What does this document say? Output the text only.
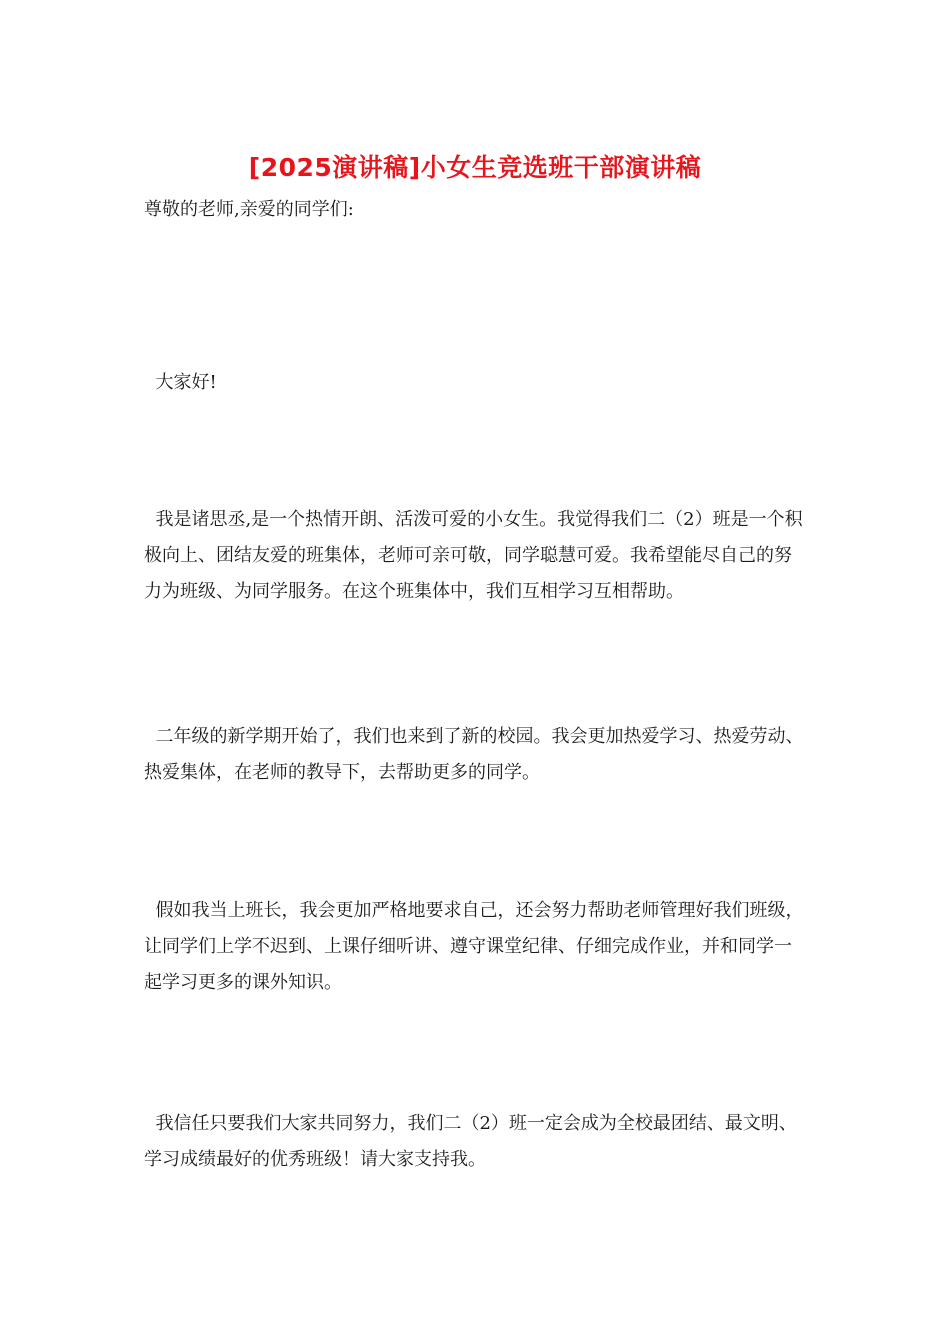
[2025演讲稿]小女生竞选班干部演讲稿

尊敬的老师,亲爱的同学们:

大家好!

我是诸思丞,是一个热情开朗、活泼可爱的小女生。我觉得我们二（2）班是一个积极向上、团结友爱的班集体，老师可亲可敬，同学聪慧可爱。我希望能尽自己的努力为班级、为同学服务。在这个班集体中，我们互相学习互相帮助。

二年级的新学期开始了，我们也来到了新的校园。我会更加热爱学习、热爱劳动、热爱集体，在老师的教导下，去帮助更多的同学。

假如我当上班长，我会更加严格地要求自己，还会努力帮助老师管理好我们班级，让同学们上学不迟到、上课仔细听讲、遵守课堂纪律、仔细完成作业，并和同学一起学习更多的课外知识。

我信任只要我们大家共同努力，我们二（2）班一定会成为全校最团结、最文明、学习成绩最好的优秀班级！请大家支持我。
